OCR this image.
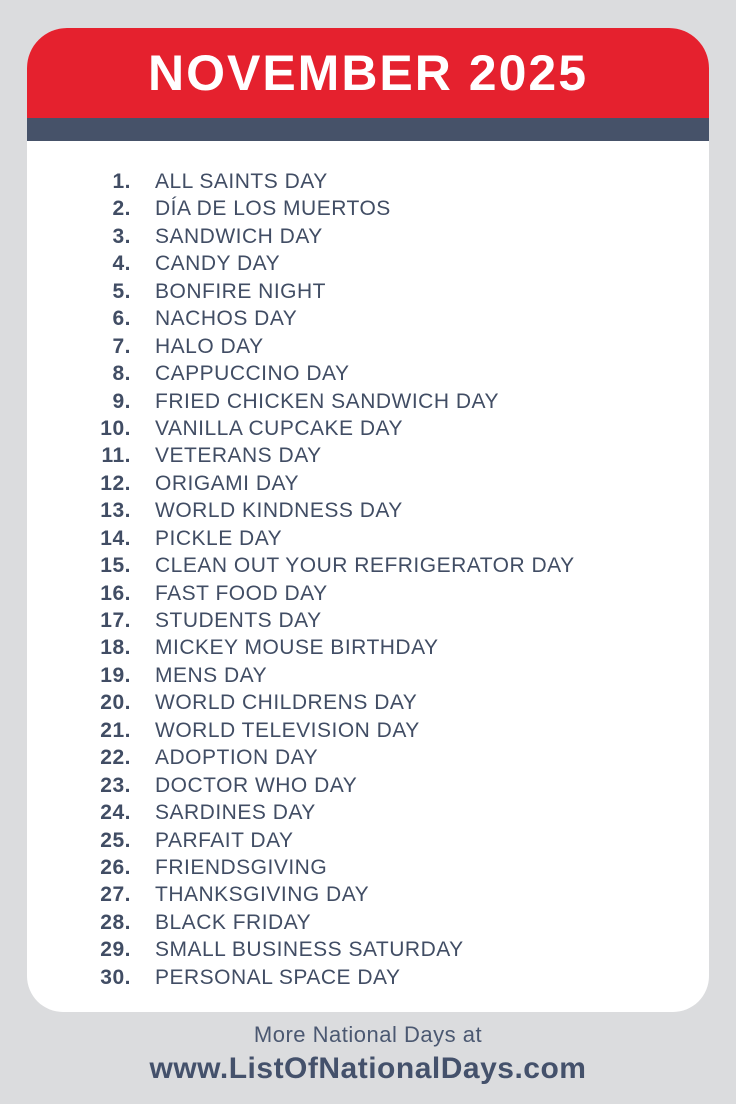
NOVEMBER 2025
1. ALL SAINTS DAY
2. DÍA DE LOS MUERTOS
3. SANDWICH DAY
4. CANDY DAY
5. BONFIRE NIGHT
6. NACHOS DAY
7. HALO DAY
8. CAPPUCCINO DAY
9. FRIED CHICKEN SANDWICH DAY
10. VANILLA CUPCAKE DAY
11. VETERANS DAY
12. ORIGAMI DAY
13. WORLD KINDNESS DAY
14. PICKLE DAY
15. CLEAN OUT YOUR REFRIGERATOR DAY
16. FAST FOOD DAY
17. STUDENTS DAY
18. MICKEY MOUSE BIRTHDAY
19. MENS DAY
20. WORLD CHILDRENS DAY
21. WORLD TELEVISION DAY
22. ADOPTION DAY
23. DOCTOR WHO DAY
24. SARDINES DAY
25. PARFAIT DAY
26. FRIENDSGIVING
27. THANKSGIVING DAY
28. BLACK FRIDAY
29. SMALL BUSINESS SATURDAY
30. PERSONAL SPACE DAY
More National Days at
www.ListOfNationalDays.com
